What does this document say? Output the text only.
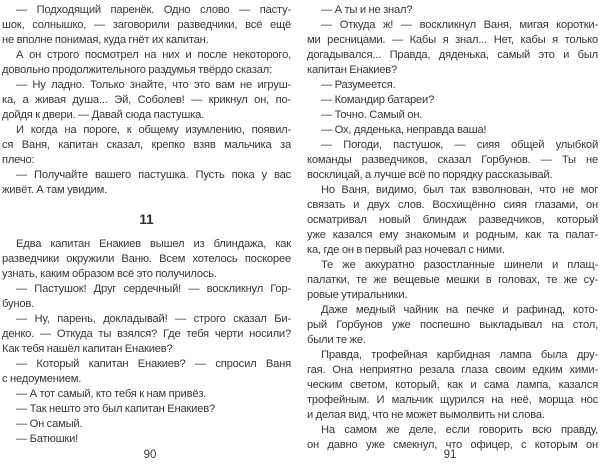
— Подходящий паренёк. Одно слово — пасту-
шок, солнышко, — заговорили разведчики, всё ещё
не вполне понимая, куда гнёт их капитан.
А он строго посмотрел на них и после некоторого,
довольно продолжительного раздумья твёрдо сказал:
— Ну ладно. Только знайте, что это вам не игруш-
ка, а живая душа... Эй, Соболев! — крикнул он, по-
дойдя к двери. — Давай сюда пастушка.
И когда на пороге, к общему изумлению, появил-
ся Ваня, капитан сказал, крепко взяв мальчика за
плечо:
— Получайте вашего пастушка. Пусть пока у вас
живёт. А там увидим.
11
Едва капитан Енакиев вышел из блиндажа, как
разведчики окружили Ваню. Всем хотелось поскорее
узнать, каким образом всё это получилось.
— Пастушок! Друг сердечный! — воскликнул Гор-
бунов.
— Ну, парень, докладывай! — строго сказал Би-
денко. — Откуда ты взялся? Где тебя черти носили?
Как тебя нашёл капитан Енакиев?
— Который капитан Енакиев? — спросил Ваня
с недоумением.
— А тот самый, кто тебя к нам привёз.
— Так нешто это был капитан Енакиев?
— Он самый.
— Батюшки!
90
— А ты и не знал?
— Откуда ж! — воскликнул Ваня, мигая коротки-
ми ресницами. — Кабы я знал... Нет, кабы я только
догадывался... Правда, дяденька, самый это и был
капитан Енакиев?
— Разумеется.
— Командир батареи?
— Точно. Самый он.
— Ох, дяденька, неправда ваша!
— Погоди, пастушок, — сияя общей улыбкой
команды разведчиков, сказал Горбунов. — Ты не
восклицай, а лучше всё по порядку рассказывай.
Но Ваня, видимо, был так взволнован, что не мог
связать и двух слов. Восхищённо сияя глазами, он
осматривал новый блиндаж разведчиков, который
уже казался ему знакомым и родным, как та палат-
ка, где он в первый раз ночевал с ними.
Те же аккуратно разостланные шинели и плащ-
палатки, те же вещевые мешки в головах, те же су-
ровые утиральники.
Даже медный чайник на печке и рафинад, кото-
рый Горбунов уже поспешно выкладывал на стол,
были те же.
Правда, трофейная карбидная лампа была дру-
гая. Она неприятно резала глаза своим едким хими-
ческим светом, который, как и сама лампа, казался
трофейным. И мальчик щурился на неё, морща нос
и делая вид, что не может вымолвить ни слова.
На самом же деле, если говорить всю правду,
он давно уже смекнул, что офицер, с которым он
91
